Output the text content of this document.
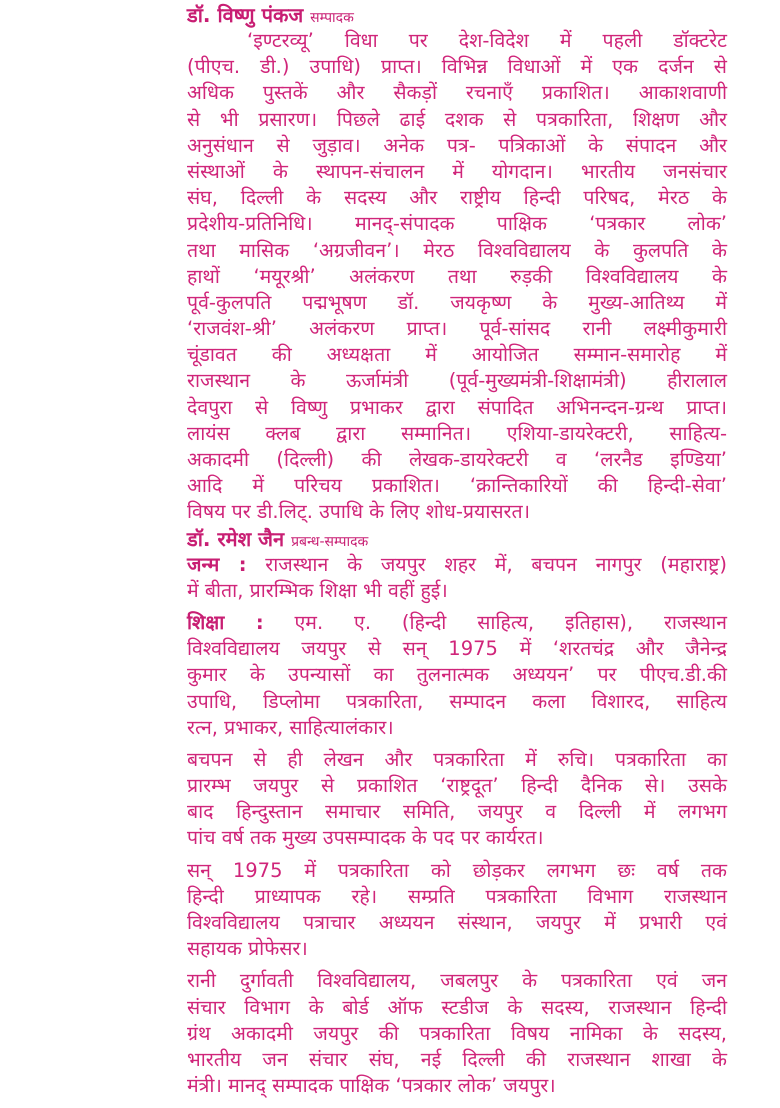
डॉ. विष्णु पंकज सम्पादक
‘इण्टरव्यू’ विधा पर देश-विदेश में पहली डॉक्टरेट
(पीएच. डी.) उपाधि) प्राप्त। विभिन्न विधाओं में एक दर्जन से
अधिक पुस्तकें और सैकड़ों रचनाएँ प्रकाशित। आकाशवाणी
से भी प्रसारण। पिछले ढाई दशक से पत्रकारिता, शिक्षण और
अनुसंधान से जुड़ाव। अनेक पत्र- पत्रिकाओं के संपादन और
संस्थाओं के स्थापन-संचालन में योगदान। भारतीय जनसंचार
संघ, दिल्ली के सदस्य और राष्ट्रीय हिन्दी परिषद, मेरठ के
प्रदेशीय-प्रतिनिधि। मानद्-संपादक पाक्षिक ‘पत्रकार लोक’
तथा मासिक ‘अग्रजीवन’। मेरठ विश्वविद्यालय के कुलपति के
हाथों ‘मयूरश्री’ अलंकरण तथा रुड़की विश्वविद्यालय के
पूर्व-कुलपति पद्मभूषण डॉ. जयकृष्ण के मुख्य-आतिथ्य में
‘राजवंश-श्री’ अलंकरण प्राप्त। पूर्व-सांसद रानी लक्ष्मीकुमारी
चूंडावत की अध्यक्षता में आयोजित सम्मान-समारोह में
राजस्थान के ऊर्जामंत्री (पूर्व-मुख्यमंत्री-शिक्षामंत्री) हीरालाल
देवपुरा से विष्णु प्रभाकर द्वारा संपादित अभिनन्दन-ग्रन्थ प्राप्त।
लायंस क्लब द्वारा सम्मानित। एशिया-डायरेक्टरी, साहित्य-
अकादमी (दिल्ली) की लेखक-डायरेक्टरी व ‘लरनैड इण्डिया’
आदि में परिचय प्रकाशित। ‘क्रान्तिकारियों की हिन्दी-सेवा’
विषय पर डी.लिट्. उपाधि के लिए शोध-प्रयासरत।
डॉ. रमेश जैन प्रबन्ध-सम्पादक
जन्म : राजस्थान के जयपुर शहर में, बचपन नागपुर (महाराष्ट्र)
में बीता, प्रारम्भिक शिक्षा भी वहीं हुई।
शिक्षा : एम. ए. (हिन्दी साहित्य, इतिहास), राजस्थान
विश्वविद्यालय जयपुर से सन् 1975 में ‘शरतचंद्र और जैनेन्द्र
कुमार के उपन्यासों का तुलनात्मक अध्ययन’ पर पीएच.डी.की
उपाधि, डिप्लोमा पत्रकारिता, सम्पादन कला विशारद, साहित्य
रत्न, प्रभाकर, साहित्यालंकार।
बचपन से ही लेखन और पत्रकारिता में रुचि। पत्रकारिता का
प्रारम्भ जयपुर से प्रकाशित ‘राष्ट्रदूत’ हिन्दी दैनिक से। उसके
बाद हिन्दुस्तान समाचार समिति, जयपुर व दिल्ली में लगभग
पांच वर्ष तक मुख्य उपसम्पादक के पद पर कार्यरत।
सन् 1975 में पत्रकारिता को छोड़कर लगभग छः वर्ष तक
हिन्दी प्राध्यापक रहे। सम्प्रति पत्रकारिता विभाग राजस्थान
विश्वविद्यालय पत्राचार अध्ययन संस्थान, जयपुर में प्रभारी एवं
सहायक प्रोफेसर।
रानी दुर्गावती विश्वविद्यालय, जबलपुर के पत्रकारिता एवं जन
संचार विभाग के बोर्ड ऑफ स्टडीज के सदस्य, राजस्थान हिन्दी
ग्रंथ अकादमी जयपुर की पत्रकारिता विषय नामिका के सदस्य,
भारतीय जन संचार संघ, नई दिल्ली की राजस्थान शाखा के
मंत्री। मानद् सम्पादक पाक्षिक ‘पत्रकार लोक’ जयपुर।
